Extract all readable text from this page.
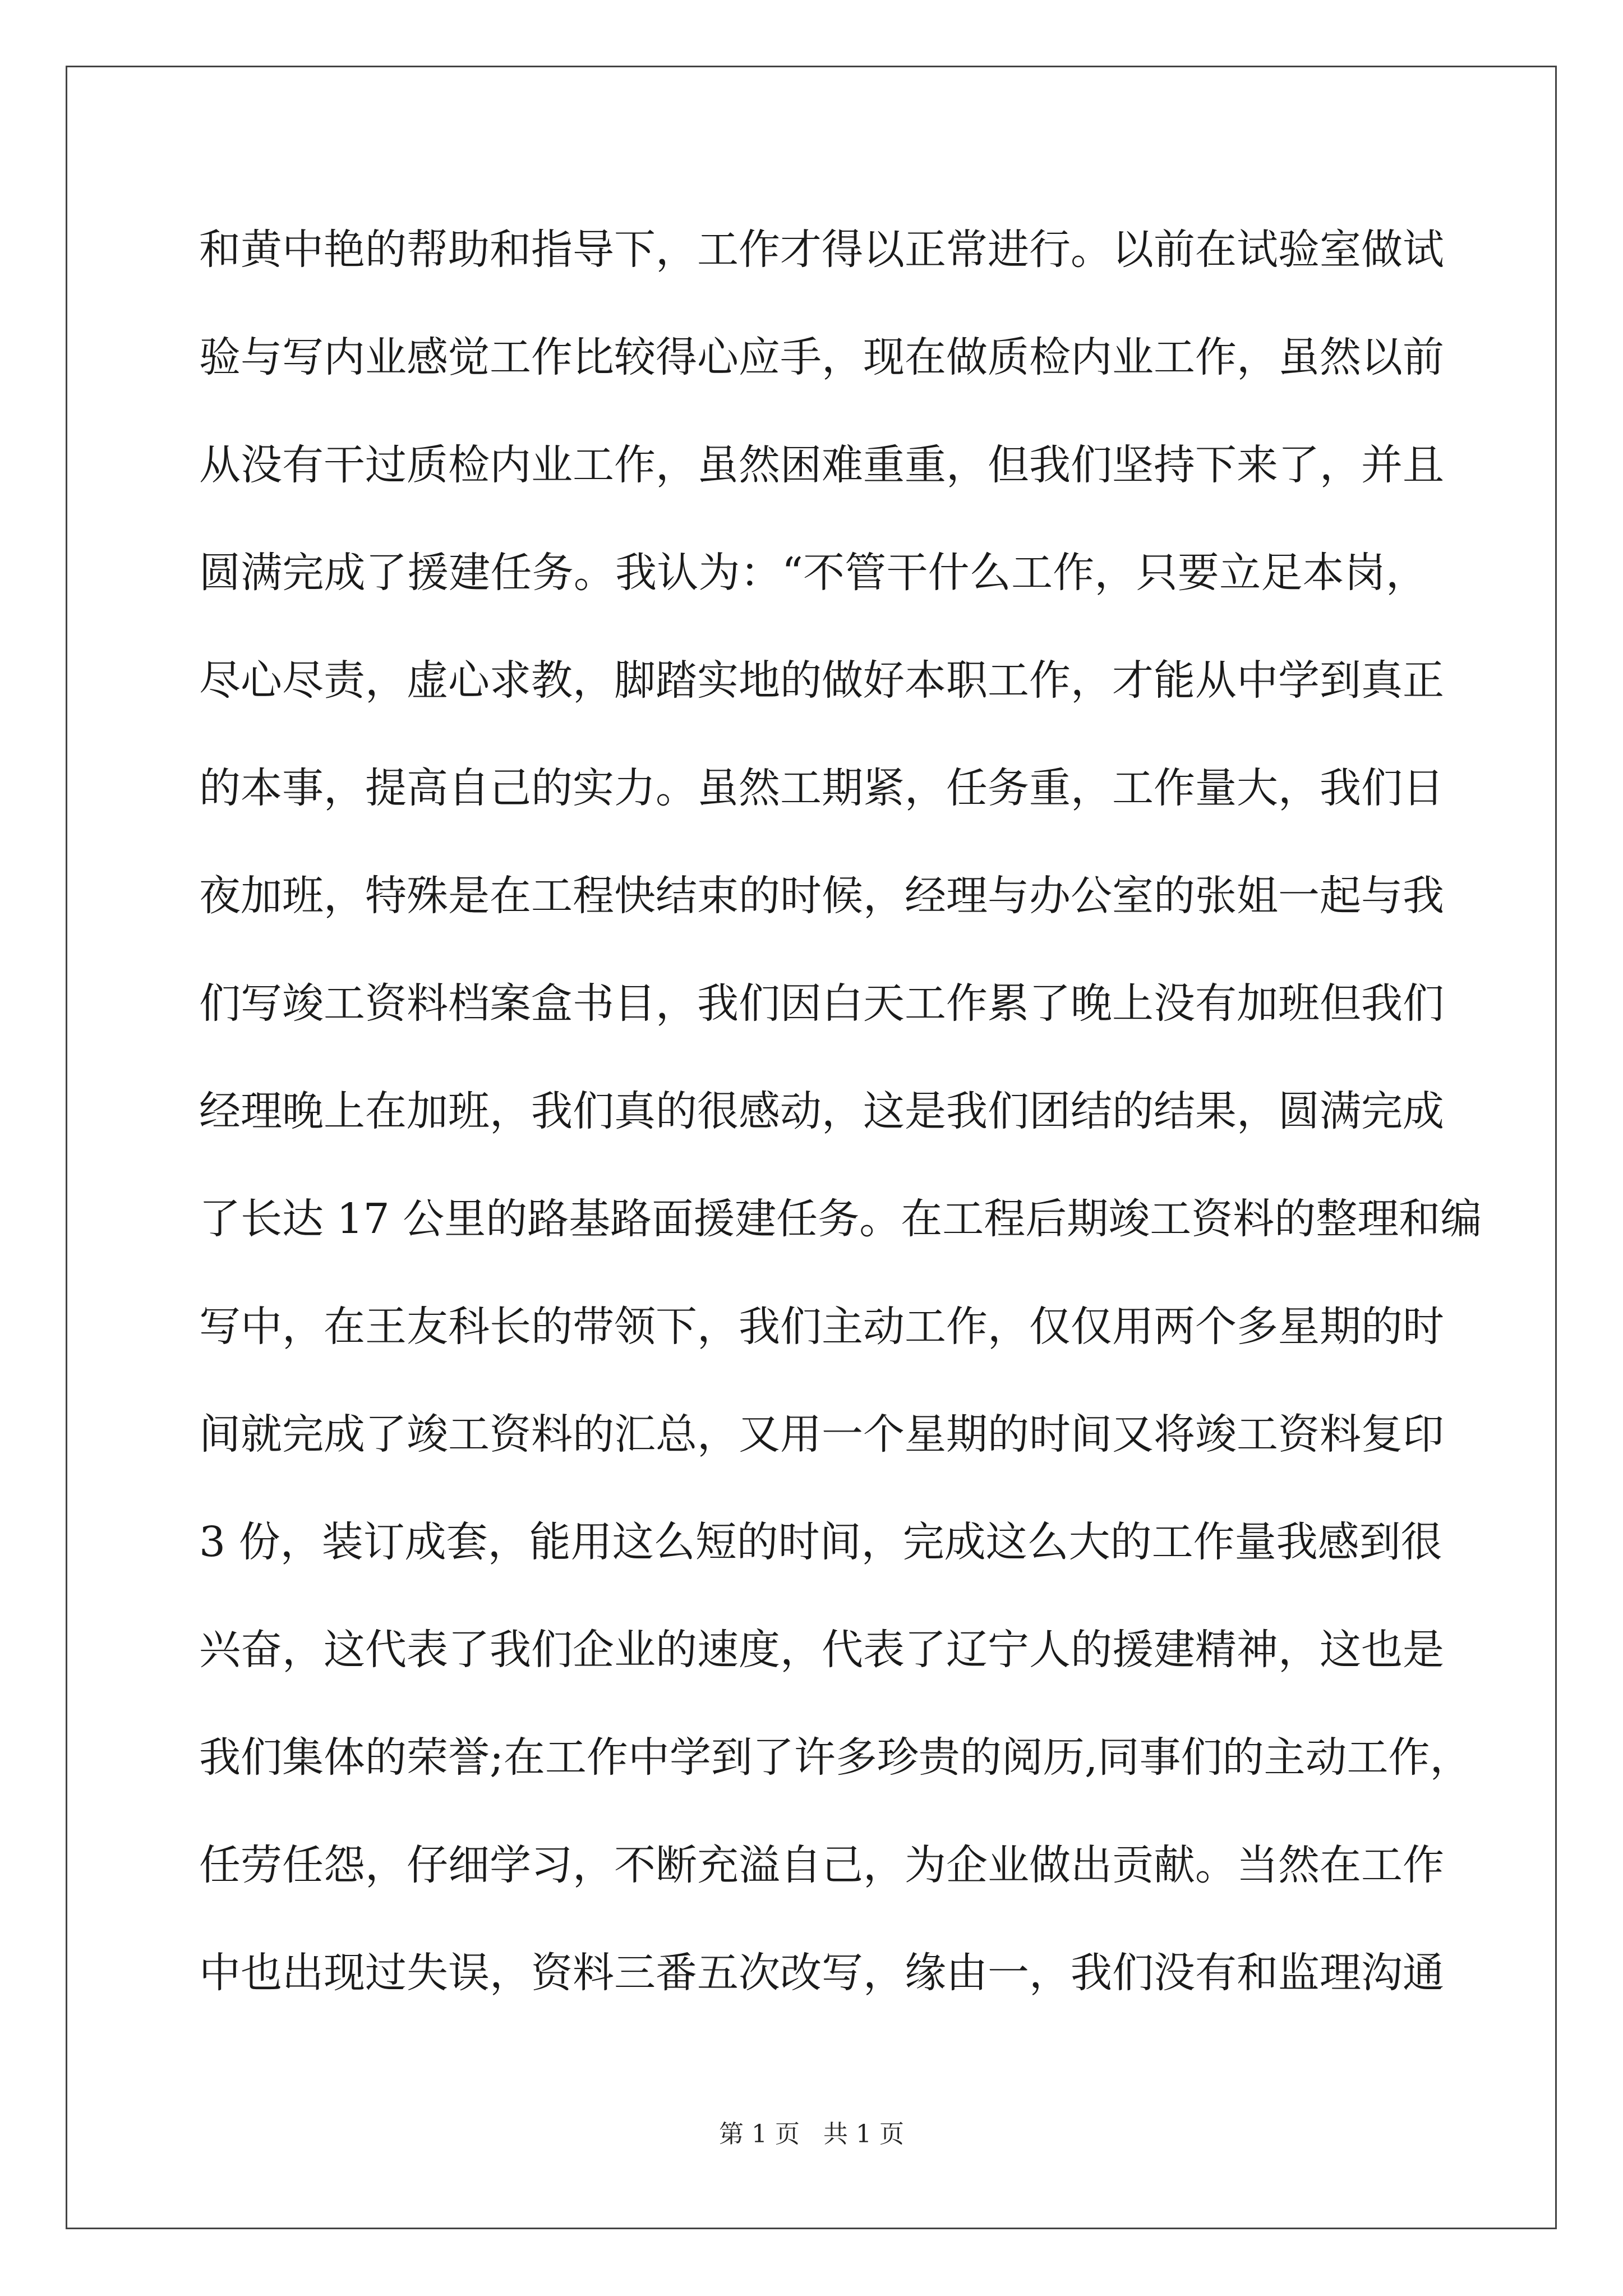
和黄中艳的帮助和指导下，工作才得以正常进行。以前在试验室做试
验与写内业感觉工作比较得心应手，现在做质检内业工作，虽然以前
从没有干过质检内业工作，虽然困难重重，但我们坚持下来了，并且
圆满完成了援建任务。我认为：“不管干什么工作，只要立足本岗，
尽心尽责，虚心求教，脚踏实地的做好本职工作，才能从中学到真正
的本事，提高自己的实力。虽然工期紧，任务重，工作量大，我们日
夜加班，特殊是在工程快结束的时候，经理与办公室的张姐一起与我
们写竣工资料档案盒书目，我们因白天工作累了晚上没有加班但我们
经理晚上在加班，我们真的很感动，这是我们团结的结果，圆满完成
了长达 17 公里的路基路面援建任务。在工程后期竣工资料的整理和编
写中，在王友科长的带领下，我们主动工作，仅仅用两个多星期的时
间就完成了竣工资料的汇总，又用一个星期的时间又将竣工资料复印
3 份，装订成套，能用这么短的时间，完成这么大的工作量我感到很
兴奋，这代表了我们企业的速度，代表了辽宁人的援建精神，这也是
我们集体的荣誉;在工作中学到了许多珍贵的阅历,同事们的主动工作，
任劳任怨，仔细学习，不断充溢自己，为企业做出贡献。当然在工作
中也出现过失误，资料三番五次改写，缘由一，我们没有和监理沟通
第 1 页   共 1 页
